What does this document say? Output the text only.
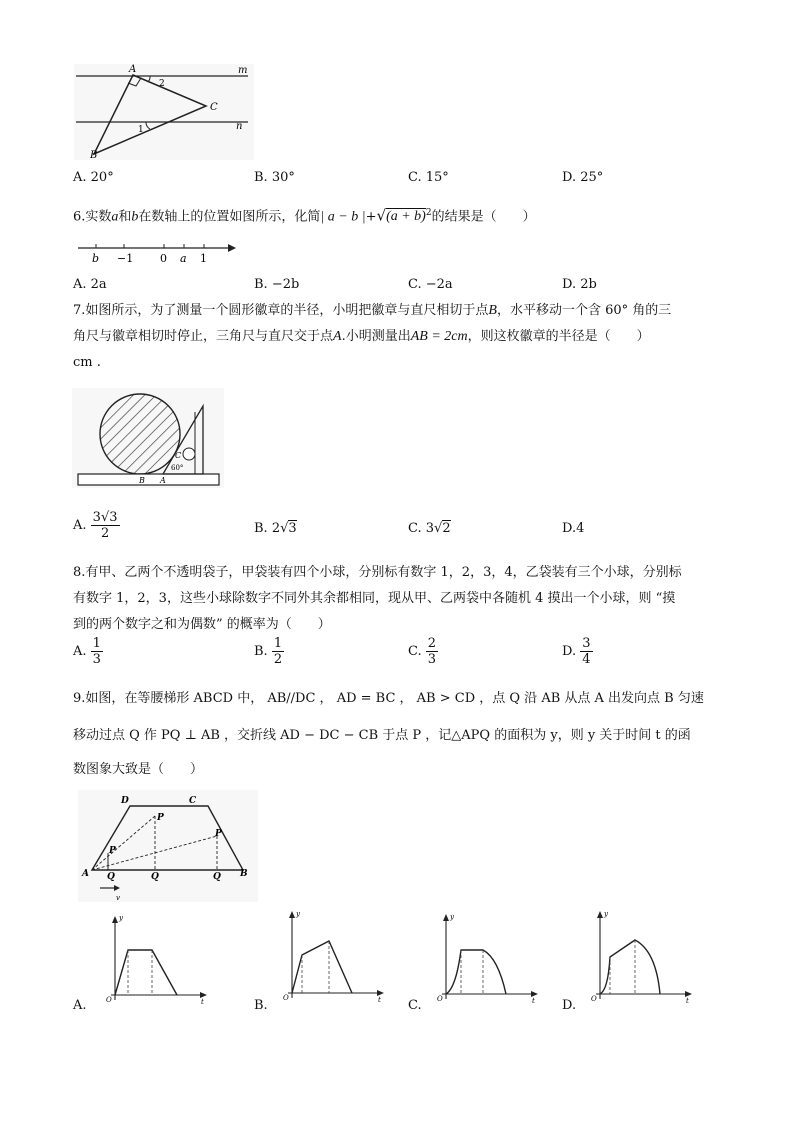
A
B
C
m
n
2
1
A. 20°	B. 30°	C. 15°	D. 25°
6.实数a和b在数轴上的位置如图所示，化简| a − b $|+√(a + b)^2$的结果是（　　）
b −1 0 a 1
A. 2a	B. −2b	C. −2a	D. 2b
7.如图所示，为了测量一个圆形徽章的半径，小明把徽章与直尺相切于点B，水平移动一个含 60° 角的三
角尺与徽章相切时停止，三角尺与直尺交于点A.小明测量出AB = 2cm，则这枚徽章的半径是（　　）
cm .
B A
C
60°
A. $\frac{3√3}{2}$	B. 2√3	C. 3√2	D.4
8.有甲、乙两个不透明袋子，甲袋装有四个小球，分别标有数字 1，2，3，4，乙袋装有三个小球，分别标
有数字 1，2，3，这些小球除数字不同外其余都相同，现从甲、乙两袋中各随机 4 摸出一个小球，则 “摸
到的两个数字之和为偶数” 的概率为（　　）
A. $\frac{1}{3}$	B. $\frac{1}{2}$	C. $\frac{2}{3}$	D. $\frac{3}{4}$
9.如图，在等腰梯形 ABCD 中， AB//DC ， AD = BC ， AB > CD ，点 Q 沿 AB 从点 A 出发向点 B 匀速
移动过点 Q 作 PQ ⊥ AB ，交折线 AD − DC − CB 于点 P ，记△APQ 的面积为 y，则 y 关于时间 t 的函
数图象大致是（　　）
A	B
C
D
P
P
P
Q	Q	Q
v
y
t
O
A.
y
t
O
B.
y
t
O
C.
y
t
O
D.
